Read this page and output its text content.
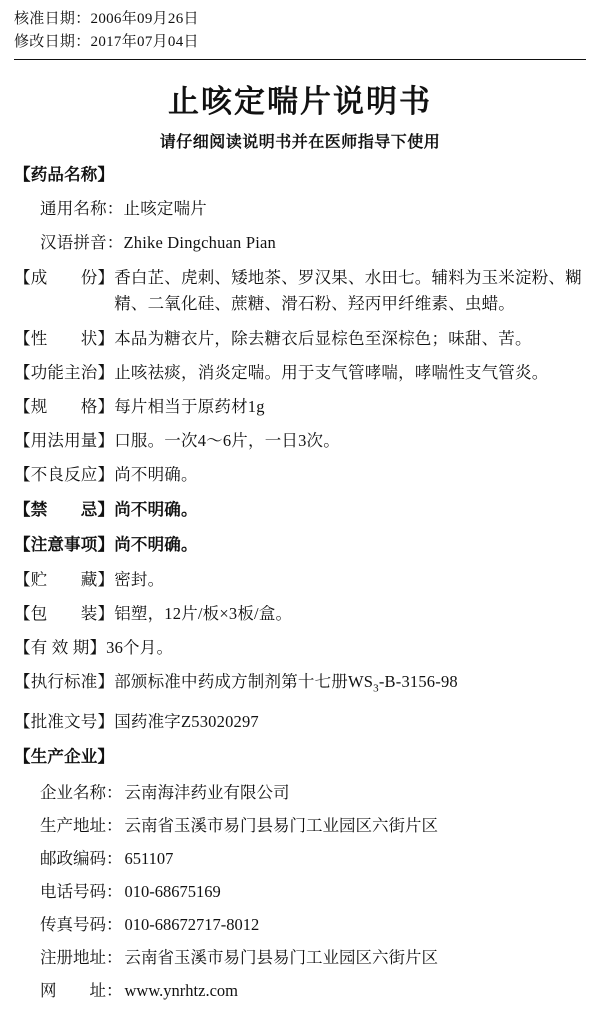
核准日期：2006年09月26日
修改日期：2017年07月04日
止咳定喘片说明书
请仔细阅读说明书并在医师指导下使用
【药品名称】
通用名称： 止咳定喘片
汉语拼音： Zhike Dingchuan Pian
【成　　份】 香白芷、虎刺、矮地茶、罗汉果、水田七。辅料为玉米淀粉、糊精、二氧化硅、蔗糖、滑石粉、羟丙甲纤维素、虫蜡。
【性　　状】 本品为糖衣片，除去糖衣后显棕色至深棕色；味甜、苦。
【功能主治】 止咳祛痰，消炎定喘。用于支气管哮喘，哮喘性支气管炎。
【规　　格】 每片相当于原药材1g
【用法用量】 口服。一次4～6片，一日3次。
【不良反应】 尚不明确。
【禁　　忌】 尚不明确。
【注意事项】 尚不明确。
【贮　　藏】 密封。
【包　　装】 铝塑，12片/板×3板/盒。
【有 效 期】 36个月。
【执行标准】 部颁标准中药成方制剂第十七册$WS_3-B-3156-98$
【批准文号】 国药准字Z53020297
【生产企业】
企业名称： 云南海沣药业有限公司
生产地址： 云南省玉溪市易门县易门工业园区六街片区
邮政编码： 651107
电话号码： 010-68675169
传真号码： 010-68672717-8012
注册地址： 云南省玉溪市易门县易门工业园区六街片区
网　　址： www.ynrhtz.com
